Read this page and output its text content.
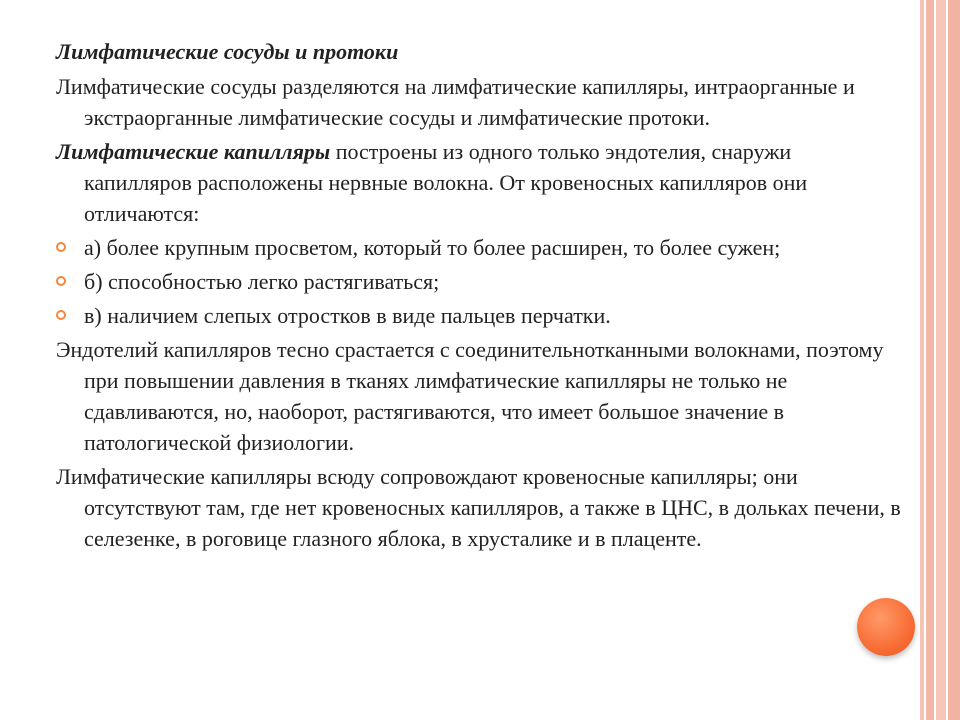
Лимфатические сосуды и протоки
Лимфатические сосуды разделяются на лимфатические капилляры, интраорганные и экстраорганные лимфатические сосуды и лимфатические протоки.
Лимфатические капилляры построены из одного только эндотелия, снаружи капилляров расположены нервные волокна. От кровеносных капилляров они отличаются:
а) более крупным просветом, который то более расширен, то более сужен;
б) способностью легко растягиваться;
в) наличием слепых отростков в виде пальцев перчатки.
Эндотелий капилляров тесно срастается с соединительнотканными волокнами, поэтому при повышении давления в тканях лимфатические капилляры не только не сдавливаются, но, наоборот, растягиваются, что имеет большое значение в патологической физиологии.
Лимфатические капилляры всюду сопровождают кровеносные капилляры; они отсутствуют там, где нет кровеносных капилляров, а также в ЦНС, в дольках печени, в селезенке, в роговице глазного яблока, в хрусталике и в плаценте.
